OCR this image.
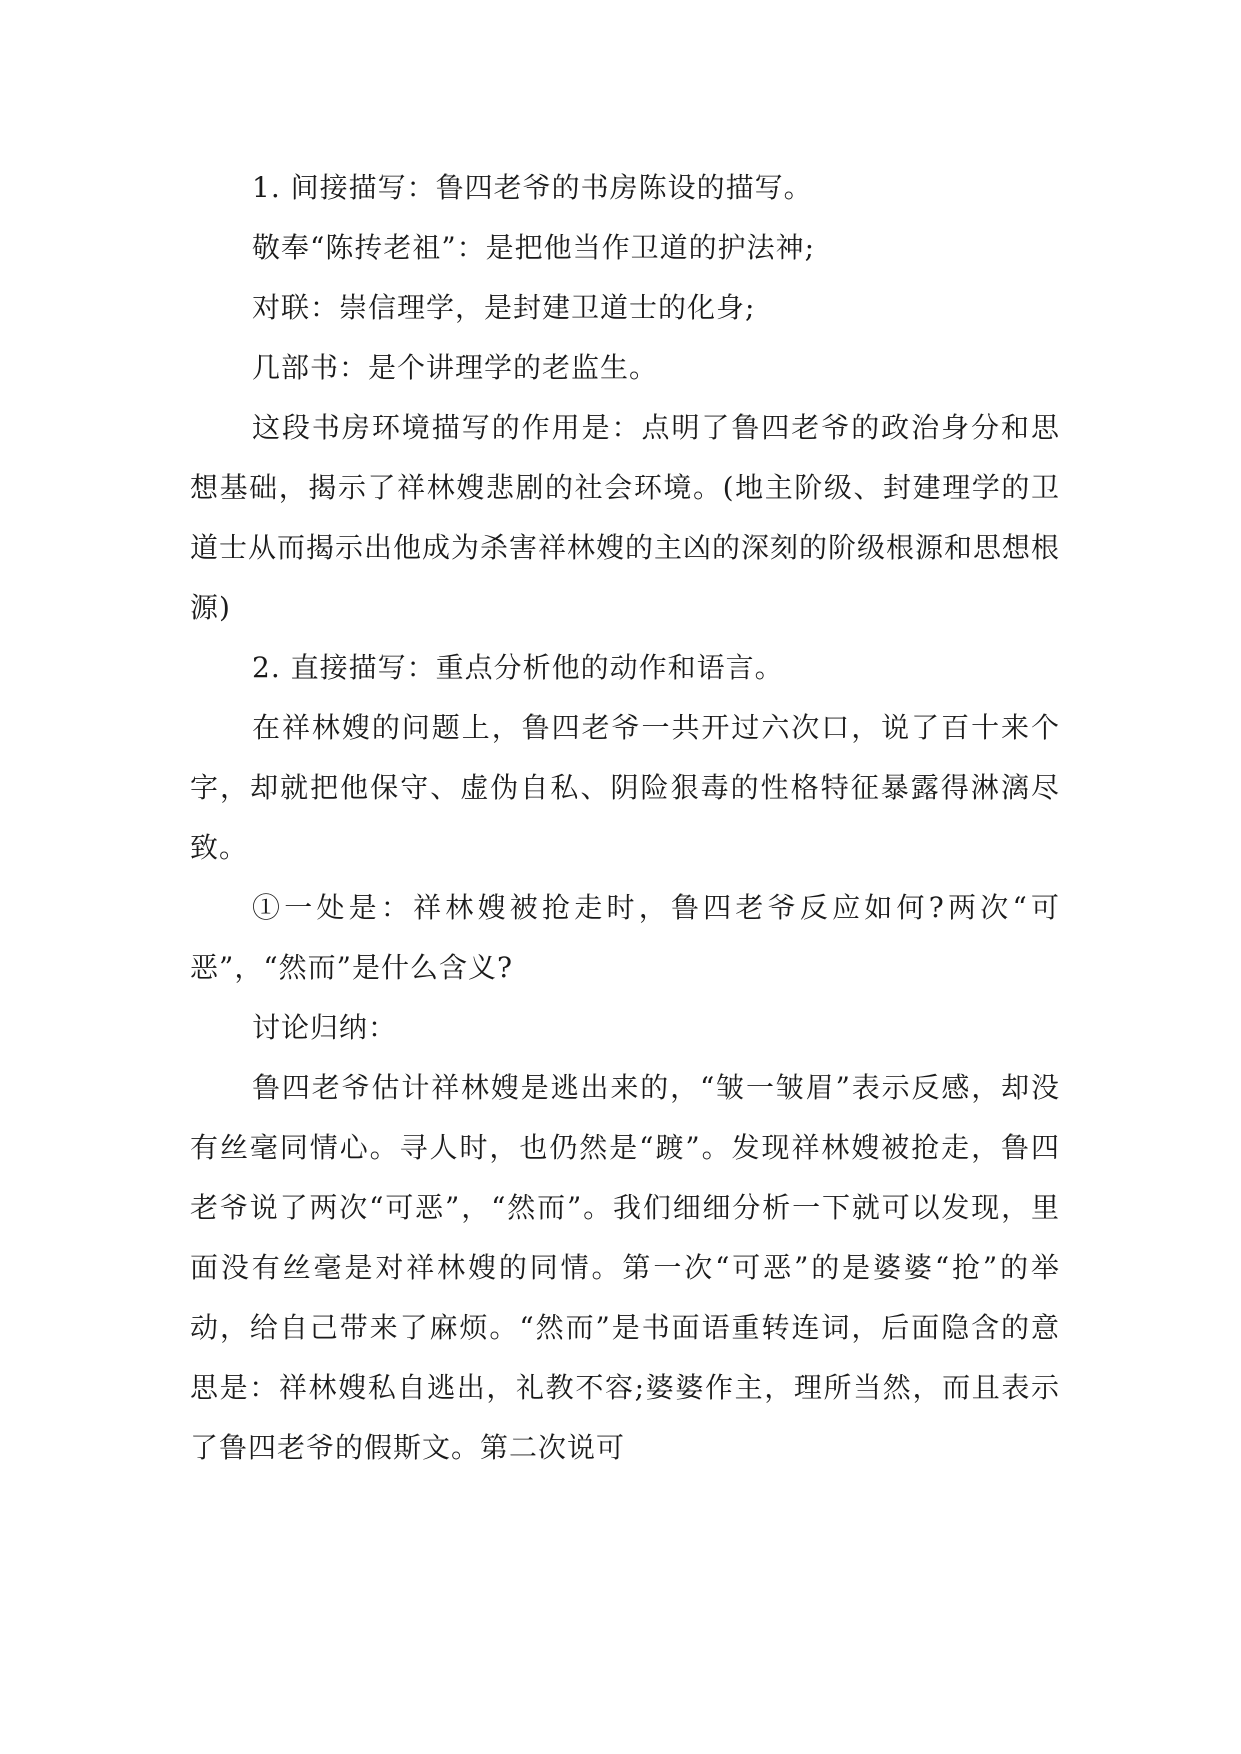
1. 间接描写：鲁四老爷的书房陈设的描写。

敬奉“陈抟老祖”：是把他当作卫道的护法神;

对联：崇信理学，是封建卫道士的化身;

几部书：是个讲理学的老监生。

这段书房环境描写的作用是：点明了鲁四老爷的政治身分和思想基础，揭示了祥林嫂悲剧的社会环境。(地主阶级、封建理学的卫道士从而揭示出他成为杀害祥林嫂的主凶的深刻的阶级根源和思想根源)

2. 直接描写：重点分析他的动作和语言。

在祥林嫂的问题上，鲁四老爷一共开过六次口，说了百十来个字，却就把他保守、虚伪自私、阴险狠毒的性格特征暴露得淋漓尽致。

①一处是：祥林嫂被抢走时，鲁四老爷反应如何?两次“可恶”，“然而”是什么含义?

讨论归纳：

鲁四老爷估计祥林嫂是逃出来的，“皱一皱眉”表示反感，却没有丝毫同情心。寻人时，也仍然是“踱”。发现祥林嫂被抢走，鲁四老爷说了两次“可恶”，“然而”。我们细细分析一下就可以发现，里面没有丝毫是对祥林嫂的同情。第一次“可恶”的是婆婆“抢”的举动，给自己带来了麻烦。“然而”是书面语重转连词，后面隐含的意思是：祥林嫂私自逃出，礼教不容;婆婆作主，理所当然，而且表示了鲁四老爷的假斯文。第二次说可
